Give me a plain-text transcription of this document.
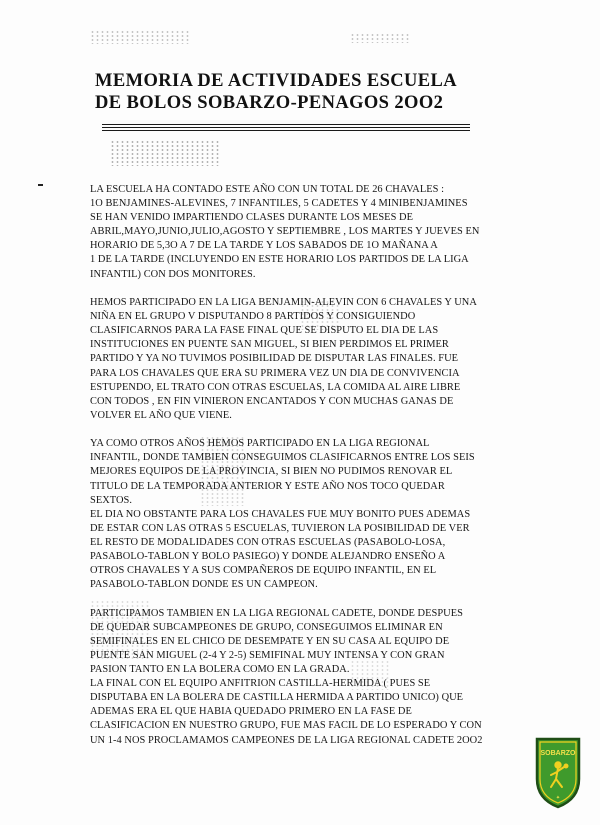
MEMORIA DE ACTIVIDADES ESCUELA
DE BOLOS SOBARZO-PENAGOS 2OO2

LA ESCUELA HA CONTADO ESTE AÑO CON UN TOTAL DE 26 CHAVALES :
1O BENJAMINES-ALEVINES, 7 INFANTILES, 5 CADETES Y 4 MINIBENJAMINES
SE HAN VENIDO IMPARTIENDO CLASES DURANTE LOS MESES DE
ABRIL,MAYO,JUNIO,JULIO,AGOSTO Y SEPTIEMBRE , LOS MARTES Y JUEVES EN
HORARIO DE 5,3O A 7 DE LA TARDE Y LOS SABADOS DE 1O MAÑANA A
1 DE LA TARDE (INCLUYENDO EN ESTE HORARIO LOS PARTIDOS DE LA LIGA
INFANTIL) CON DOS MONITORES.

HEMOS PARTICIPADO EN LA LIGA BENJAMIN-ALEVIN CON 6 CHAVALES Y UNA
NIÑA EN EL GRUPO V DISPUTANDO 8 PARTIDOS Y CONSIGUIENDO
CLASIFICARNOS PARA LA FASE FINAL QUE SE DISPUTO EL DIA DE LAS
INSTITUCIONES EN PUENTE SAN MIGUEL, SI BIEN PERDIMOS EL PRIMER
PARTIDO Y YA NO TUVIMOS POSIBILIDAD DE DISPUTAR LAS FINALES. FUE
PARA LOS CHAVALES QUE ERA SU PRIMERA VEZ UN DIA DE CONVIVENCIA
ESTUPENDO, EL TRATO CON OTRAS ESCUELAS, LA COMIDA AL AIRE LIBRE
CON TODOS , EN FIN VINIERON ENCANTADOS Y CON MUCHAS GANAS DE
VOLVER EL AÑO QUE VIENE.

YA COMO OTROS AÑOS HEMOS PARTICIPADO EN LA LIGA REGIONAL
INFANTIL, DONDE TAMBIEN CONSEGUIMOS CLASIFICARNOS ENTRE LOS SEIS
MEJORES EQUIPOS DE LA PROVINCIA, SI BIEN NO PUDIMOS RENOVAR EL
TITULO DE LA TEMPORADA ANTERIOR Y ESTE AÑO NOS TOCO QUEDAR
SEXTOS.
EL DIA NO OBSTANTE PARA LOS CHAVALES FUE MUY BONITO PUES ADEMAS
DE ESTAR CON LAS OTRAS 5 ESCUELAS, TUVIERON LA POSIBILIDAD DE VER
EL RESTO DE MODALIDADES CON OTRAS ESCUELAS (PASABOLO-LOSA,
PASABOLO-TABLON Y BOLO PASIEGO) Y DONDE ALEJANDRO ENSEÑO A
OTROS CHAVALES Y A SUS COMPAÑEROS DE EQUIPO INFANTIL, EN EL
PASABOLO-TABLON DONDE ES UN CAMPEON.

PARTICIPAMOS TAMBIEN EN LA LIGA REGIONAL CADETE, DONDE DESPUES
DE QUEDAR SUBCAMPEONES DE GRUPO, CONSEGUIMOS ELIMINAR EN
SEMIFINALES EN EL CHICO DE DESEMPATE Y EN SU CASA AL EQUIPO DE
PUENTE SAN MIGUEL (2-4 Y 2-5) SEMIFINAL MUY INTENSA Y CON GRAN
PASION TANTO EN LA BOLERA COMO EN LA GRADA.
LA FINAL CON EL EQUIPO ANFITRION CASTILLA-HERMIDA ( PUES SE
DISPUTABA EN LA BOLERA DE CASTILLA HERMIDA A PARTIDO UNICO) QUE
ADEMAS ERA EL QUE HABIA QUEDADO PRIMERO EN LA FASE DE
CLASIFICACION EN NUESTRO GRUPO, FUE MAS FACIL DE LO ESPERADO Y CON
UN 1-4 NOS PROCLAMAMOS CAMPEONES DE LA LIGA REGIONAL CADETE 2OO2

SOBARZO
✦
